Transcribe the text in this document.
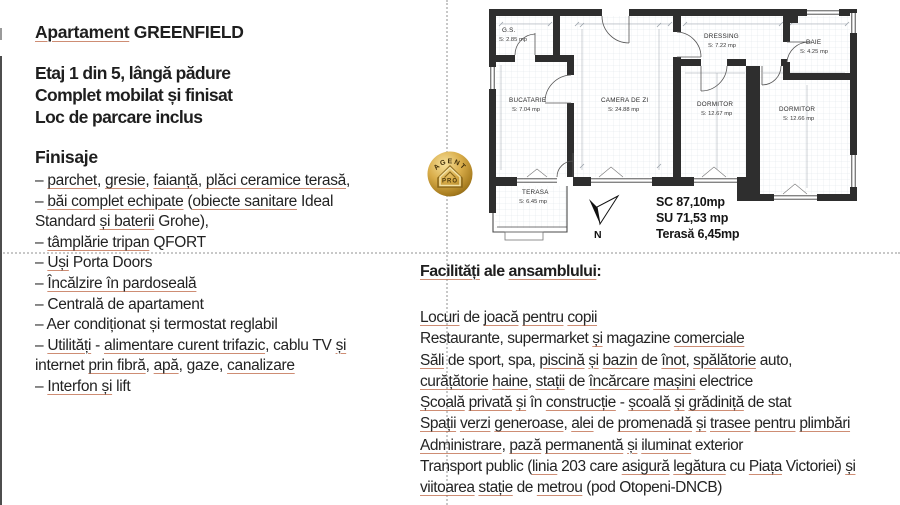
Apartament GREENFIELD
Etaj 1 din 5, lângă pădure
Complet mobilat și finisat
Loc de parcare inclus
Finisaje
– parchet, gresie, faianță, plăci ceramice terasă,
– băi complet echipate (obiecte sanitare Ideal
Standard și baterii Grohe),
– tâmplărie tripan QFORT
– Uși Porta Doors
– Încălzire în pardoseală
– Centrală de apartament
– Aer condiționat și termostat reglabil
– Utilități - alimentare curent trifazic, cablu TV și
internet prin fibră, apă, gaze, canalizare
– Interfon și lift
Facilități ale ansamblului:
Locuri de joacă pentru copii
Restaurante, supermarket și magazine comerciale
Săli de sport, spa, piscină și bazin de înot, spălătorie auto,
curățătorie haine, stații de încărcare mașini electrice
Școală privată și în construcție - școală și grădiniță de stat
Spații verzi generoase, alei de promenadă și trasee pentru plimbări
Administrare, pază permanentă și iluminat exterior
Transport public (linia 203 care asigură legătura cu Piața Victoriei) și
viitoarea stație de metrou (pod Otopeni-DNCB)
AGENT
PRO
G.S.
S: 2.85 mp
BUCATARIE
S: 7.04 mp
CAMERA DE ZI
S: 24.88 mp
DRESSING
S: 7.22 mp	BAIE
S: 4.25 mp
DORMITOR
S: 12.67 mp
DORMITOR
S: 12.66 mp
TERASA
S: 6.45 mp
N
SC 87,10mp
SU 71,53 mp
Terasă 6,45mp
